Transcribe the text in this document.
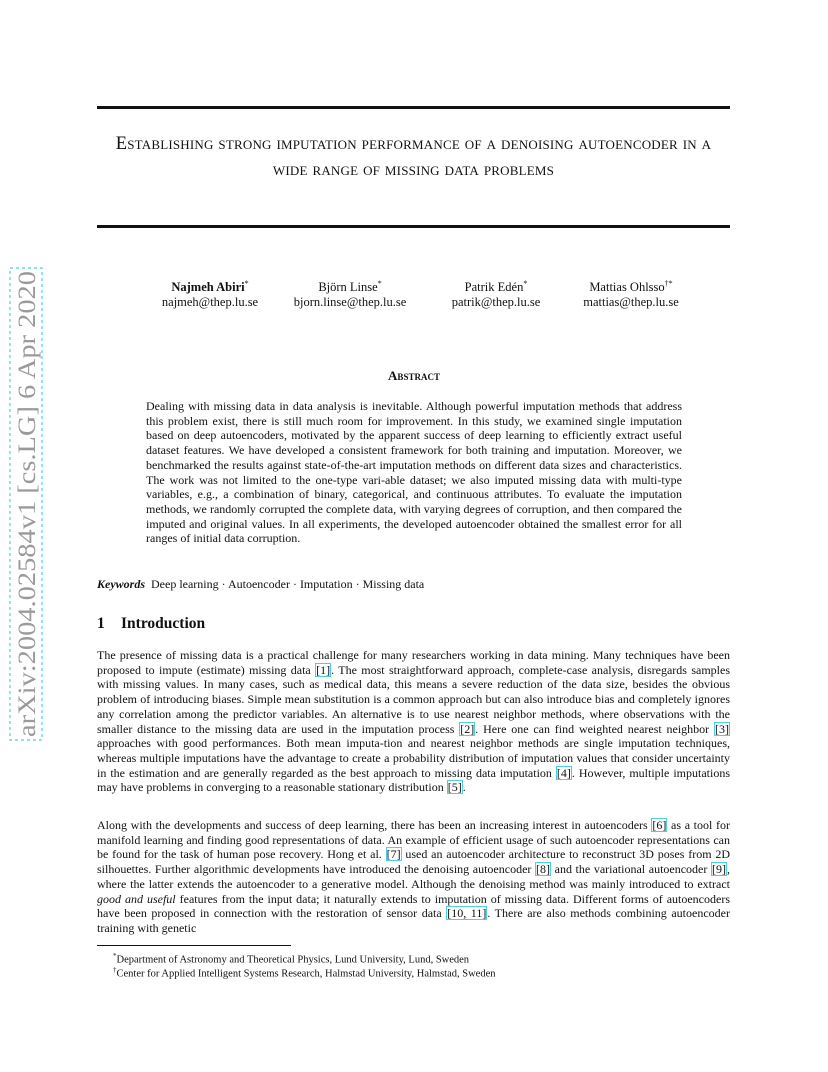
arXiv:2004.02584v1 [cs.LG] 6 Apr 2020
Establishing strong imputation performance of a denoising autoencoder in a wide range of missing data problems
Najmeh Abiri*
najmeh@thep.lu.se
Björn Linse*
bjorn.linse@thep.lu.se
Patrik Edén*
patrik@thep.lu.se
Mattias Ohlsso†*
mattias@thep.lu.se
Abstract

Dealing with missing data in data analysis is inevitable. Although powerful imputation methods that address this problem exist, there is still much room for improvement. In this study, we examined single imputation based on deep autoencoders, motivated by the apparent success of deep learning to efficiently extract useful dataset features. We have developed a consistent framework for both training and imputation. Moreover, we benchmarked the results against state-of-the-art imputation methods on different data sizes and characteristics. The work was not limited to the one-type vari-able dataset; we also imputed missing data with multi-type variables, e.g., a combination of binary, categorical, and continuous attributes. To evaluate the imputation methods, we randomly corrupted the complete data, with varying degrees of corruption, and then compared the imputed and original values. In all experiments, the developed autoencoder obtained the smallest error for all ranges of initial data corruption.

Keywords Deep learning · Autoencoder · Imputation · Missing data

1 Introduction

The presence of missing data is a practical challenge for many researchers working in data mining. Many techniques have been proposed to impute (estimate) missing data [1]. The most straightforward approach, complete-case analysis, disregards samples with missing values. In many cases, such as medical data, this means a severe reduction of the data size, besides the obvious problem of introducing biases. Simple mean substitution is a common approach but can also introduce bias and completely ignores any correlation among the predictor variables. An alternative is to use nearest neighbor methods, where observations with the smaller distance to the missing data are used in the imputation process [2]. Here one can find weighted nearest neighbor [3] approaches with good performances. Both mean imputa-tion and nearest neighbor methods are single imputation techniques, whereas multiple imputations have the advantage to create a probability distribution of imputation values that consider uncertainty in the estimation and are generally regarded as the best approach to missing data imputation [4]. However, multiple imputations may have problems in converging to a reasonable stationary distribution [5].

Along with the developments and success of deep learning, there has been an increasing interest in autoencoders [6] as a tool for manifold learning and finding good representations of data. An example of efficient usage of such autoencoder representations can be found for the task of human pose recovery. Hong et al. [7] used an autoencoder architecture to reconstruct 3D poses from 2D silhouettes. Further algorithmic developments have introduced the denoising autoencoder [8] and the variational autoencoder [9], where the latter extends the autoencoder to a generative model. Although the denoising method was mainly introduced to extract good and useful features from the input data; it naturally extends to imputation of missing data. Different forms of autoencoders have been proposed in connection with the restoration of sensor data [10, 11]. There are also methods combining autoencoder training with genetic

*Department of Astronomy and Theoretical Physics, Lund University, Lund, Sweden

†Center for Applied Intelligent Systems Research, Halmstad University, Halmstad, Sweden
